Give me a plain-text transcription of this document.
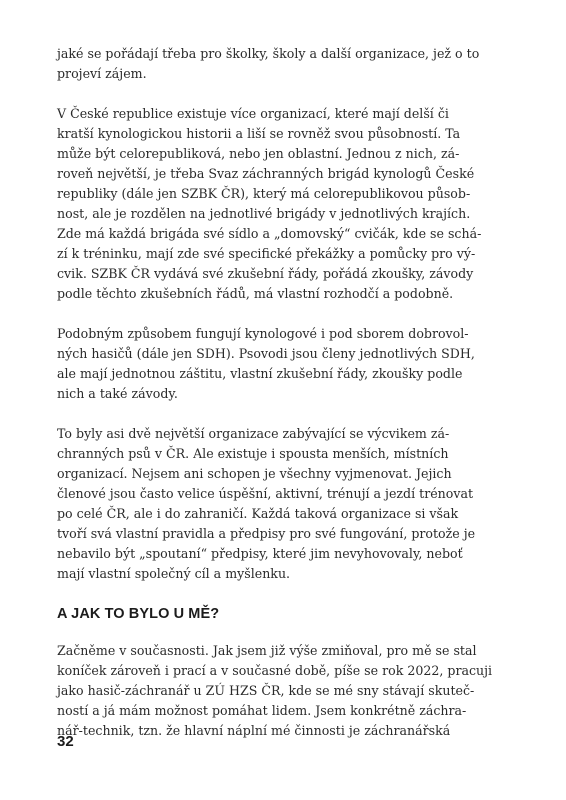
jaké se pořádají třeba pro školky, školy a další organizace, jež o to
projeví zájem.

V České republice existuje více organizací, které mají delší či
kratší kynologickou historii a liší se rovněž svou působností. Ta
může být celorepubliková, nebo jen oblastní. Jednou z nich, zá-
roveň největší, je třeba Svaz záchranných brigád kynologů České
republiky (dále jen SZBK ČR), který má celorepublikovou působ-
nost, ale je rozdělen na jednotlivé brigády v jednotlivých krajích.
Zde má každá brigáda své sídlo a „domovský“ cvičák, kde se schá-
zí k tréninku, mají zde své specifické překážky a pomůcky pro vý-
cvik. SZBK ČR vydává své zkušební řády, pořádá zkoušky, závody
podle těchto zkušebních řádů, má vlastní rozhodčí a podobně.

Podobným způsobem fungují kynologové i pod sborem dobrovol-
ných hasičů (dále jen SDH). Psovodi jsou členy jednotlivých SDH,
ale mají jednotnou záštitu, vlastní zkušební řády, zkoušky podle
nich a také závody.

To byly asi dvě největší organizace zabývající se výcvikem zá-
chranných psů v ČR. Ale existuje i spousta menších, místních
organizací. Nejsem ani schopen je všechny vyjmenovat. Jejich
členové jsou často velice úspěšní, aktivní, trénují a jezdí trénovat
po celé ČR, ale i do zahraničí. Každá taková organizace si však
tvoří svá vlastní pravidla a předpisy pro své fungování, protože je
nebavilo být „spoutaní“ předpisy, které jim nevyhovovaly, neboť
mají vlastní společný cíl a myšlenku.

A JAK TO BYLO U MĚ?

Začněme v současnosti. Jak jsem již výše zmiňoval, pro mě se stal
koníček zároveň i prací a v současné době, píše se rok 2022, pracuji
jako hasič-záchranář u ZÚ HZS ČR, kde se mé sny stávají skuteč-
ností a já mám možnost pomáhat lidem. Jsem konkrétně záchra-
nář-technik, tzn. že hlavní náplní mé činnosti je záchranářská

32
